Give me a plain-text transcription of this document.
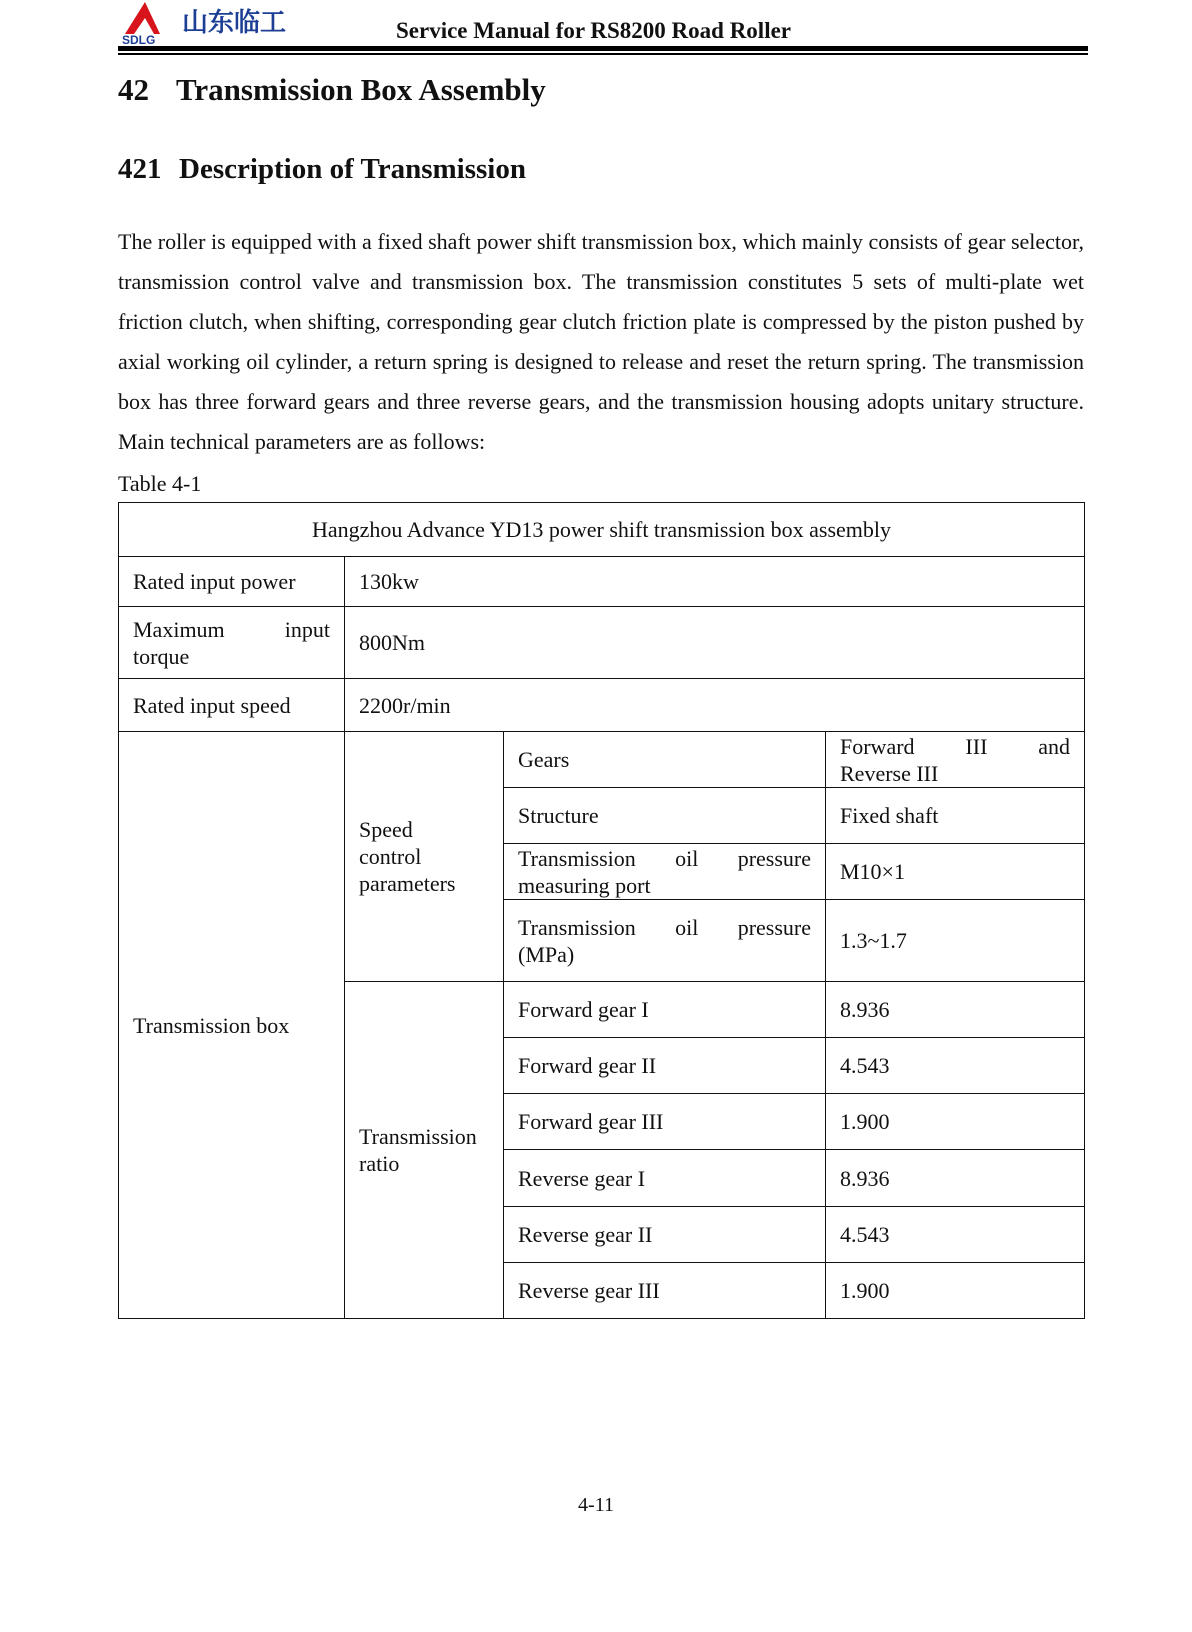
SDLG
山东临工	Service Manual for RS8200 Road Roller
42 Transmission Box Assembly
421 Description of Transmission

The roller is equipped with a fixed shaft power shift transmission box, which mainly consists of gear selector, transmission control valve and transmission box. The transmission constitutes 5 sets of multi-plate wet friction clutch, when shifting, corresponding gear clutch friction plate is compressed by the piston pushed by axial working oil cylinder, a return spring is designed to release and reset the return spring. The transmission box has three forward gears and three reverse gears, and the transmission housing adopts unitary structure. Main technical parameters are as follows:

Table 4-1
Hangzhou Advance YD13 power shift transmission box assembly			
Rated input power	130kw		

Maximum input
torque	800Nm		
Rated input speed	2200r/min		
Transmission box	Speed control parameters	Gears	Forward III and
Reverse III

		Structure	Fixed shaft

		Transmission oil pressure
measuring port	M10×1

		Transmission oil pressure
(MPa)	1.3~1.7

	Transmission ratio	Forward gear I	8.936
		Forward gear II	4.543
		Forward gear III	1.900
		Reverse gear I	8.936
		Reverse gear II	4.543
		Reverse gear III	1.900
4-11
